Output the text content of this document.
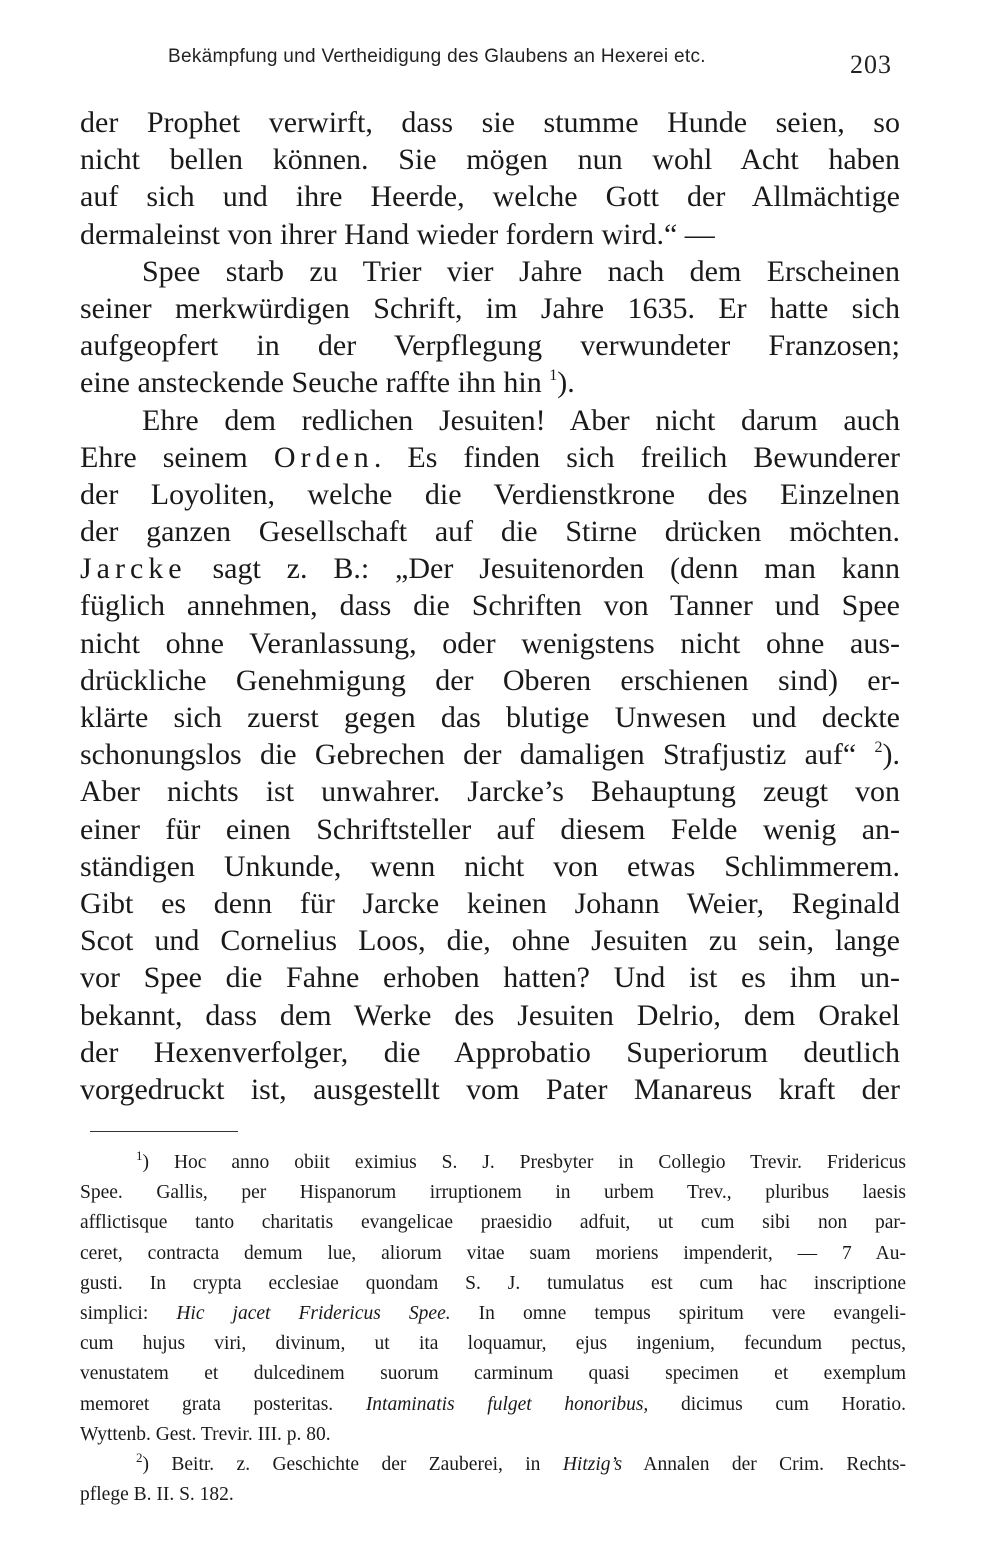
Bekämpfung und Vertheidigung des Glaubens an Hexerei etc.	203
der Prophet verwirft, dass sie stumme Hunde seien, so
nicht bellen können. Sie mögen nun wohl Acht haben
auf sich und ihre Heerde, welche Gott der Allmächtige
dermaleinst von ihrer Hand wieder fordern wird.“ —
Spee starb zu Trier vier Jahre nach dem Erscheinen
seiner merkwürdigen Schrift, im Jahre 1635. Er hatte sich
aufgeopfert in der Verpflegung verwundeter Franzosen;
eine ansteckende Seuche raffte ihn hin $^1$).
Ehre dem redlichen Jesuiten! Aber nicht darum auch
Ehre seinem Orden. Es finden sich freilich Bewunderer
der Loyoliten, welche die Verdienstkrone des Einzelnen
der ganzen Gesellschaft auf die Stirne drücken möchten.
Jarcke sagt z. B.: „Der Jesuitenorden (denn man kann
füglich annehmen, dass die Schriften von Tanner und Spee
nicht ohne Veranlassung, oder wenigstens nicht ohne aus-
drückliche Genehmigung der Oberen erschienen sind) er-
klärte sich zuerst gegen das blutige Unwesen und deckte
schonungslos die Gebrechen der damaligen Strafjustiz auf“ $^2$).
Aber nichts ist unwahrer. Jarcke’s Behauptung zeugt von
einer für einen Schriftsteller auf diesem Felde wenig an-
ständigen Unkunde, wenn nicht von etwas Schlimmerem.
Gibt es denn für Jarcke keinen Johann Weier, Reginald
Scot und Cornelius Loos, die, ohne Jesuiten zu sein, lange
vor Spee die Fahne erhoben hatten? Und ist es ihm un-
bekannt, dass dem Werke des Jesuiten Delrio, dem Orakel
der Hexenverfolger, die Approbatio Superiorum deutlich
vorgedruckt ist, ausgestellt vom Pater Manareus kraft der
$^1$) Hoc anno obiit eximius S. J. Presbyter in Collegio Trevir. Fridericus
Spee. Gallis, per Hispanorum irruptionem in urbem Trev., pluribus laesis
afflictisque tanto charitatis evangelicae praesidio adfuit, ut cum sibi non par-
ceret, contracta demum lue, aliorum vitae suam moriens impenderit, — 7 Au-
gusti. In crypta ecclesiae quondam S. J. tumulatus est cum hac inscriptione
simplici: Hic jacet Fridericus Spee. In omne tempus spiritum vere evangeli-
cum hujus viri, divinum, ut ita loquamur, ejus ingenium, fecundum pectus,
venustatem et dulcedinem suorum carminum quasi specimen et exemplum
memoret grata posteritas. Intaminatis fulget honoribus, dicimus cum Horatio.
Wyttenb. Gest. Trevir. III. p. 80.
$^2$) Beitr. z. Geschichte der Zauberei, in Hitzig’s Annalen der Crim. Rechts-
pflege B. II. S. 182.
